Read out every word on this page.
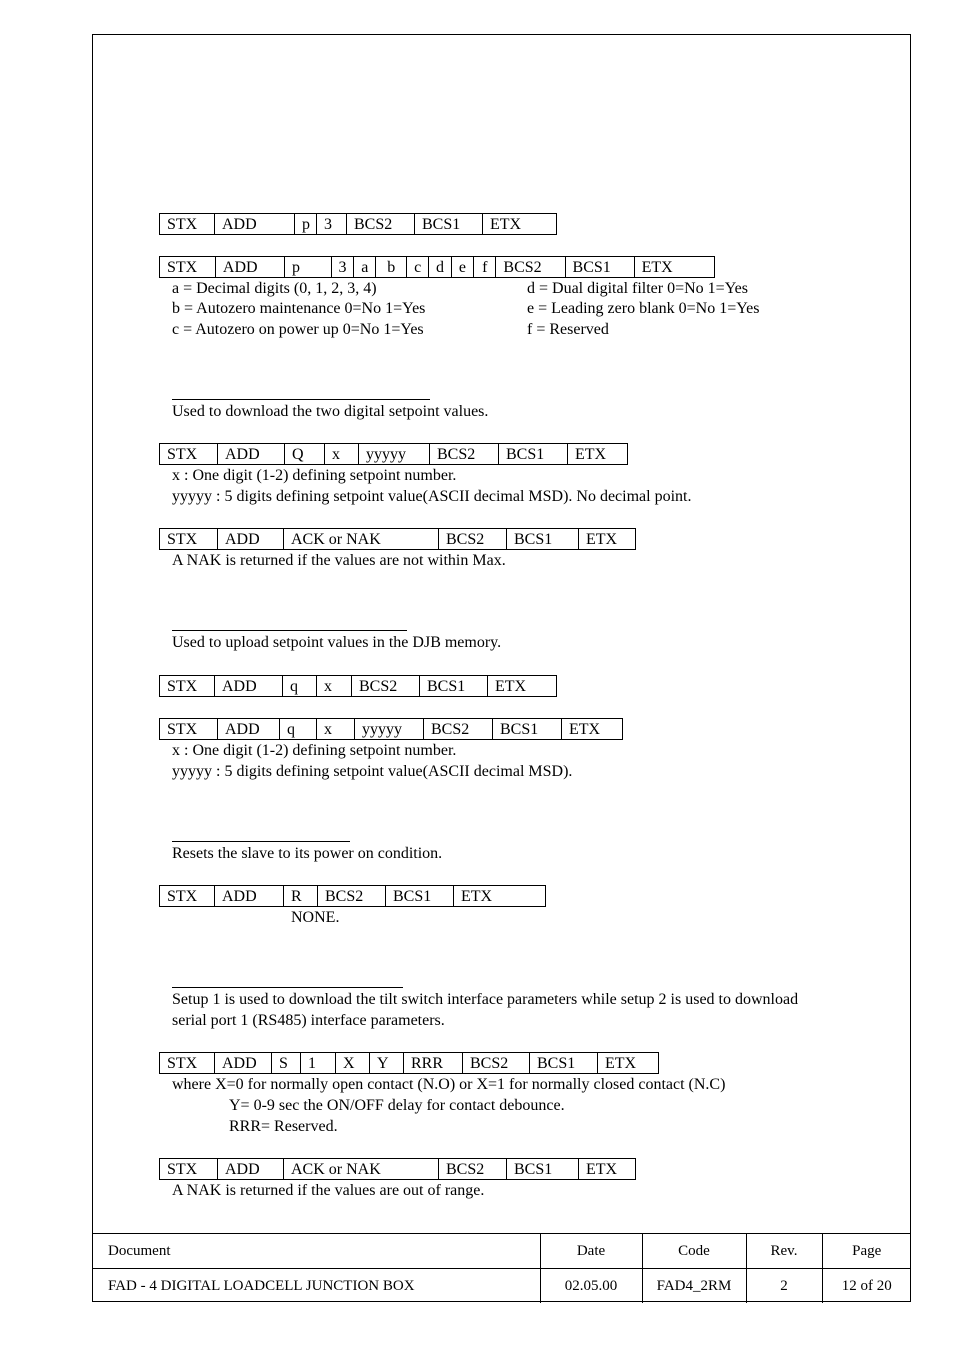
STX	ADD	p	3	BCS2	BCS1	ETX
STX	ADD	p	3	a	b	c	d	e	f	BCS2	BCS1	ETX
a = Decimal digits (0, 1, 2, 3, 4)
b = Autozero maintenance 0=No 1=Yes
c = Autozero on power up 0=No 1=Yes
d = Dual digital filter 0=No 1=Yes
e = Leading zero blank 0=No 1=Yes
f = Reserved
Used to download the two digital setpoint values.
STX	ADD	Q	x	yyyyy	BCS2	BCS1	ETX
x : One digit (1-2) defining setpoint number.
yyyyy : 5 digits defining setpoint value(ASCII decimal MSD). No decimal point.
STX	ADD	ACK or NAK	BCS2	BCS1	ETX
A NAK is returned if the values are not within Max.
Used to upload setpoint values in the DJB memory.
STX	ADD	q	x	BCS2	BCS1	ETX
STX	ADD	q	x	yyyyy	BCS2	BCS1	ETX
x : One digit (1-2) defining setpoint number.
yyyyy : 5 digits defining setpoint value(ASCII decimal MSD).
Resets the slave to its power on condition.
STX	ADD	R	BCS2	BCS1	ETX
NONE.
Setup 1 is used to download the tilt switch interface parameters while setup 2 is used to download
serial port 1 (RS485) interface parameters.
STX	ADD	S	1	X	Y	RRR	BCS2	BCS1	ETX
where X=0 for normally open contact (N.O) or X=1 for normally closed contact (N.C)
Y= 0-9 sec the ON/OFF delay for contact debounce.
RRR= Reserved.
STX	ADD	ACK or NAK	BCS2	BCS1	ETX
A NAK is returned if the values are out of range.
Document	Date	Code	Rev.	Page
FAD - 4 DIGITAL LOADCELL JUNCTION BOX	02.05.00	FAD4_2RM	2	12 of 20
